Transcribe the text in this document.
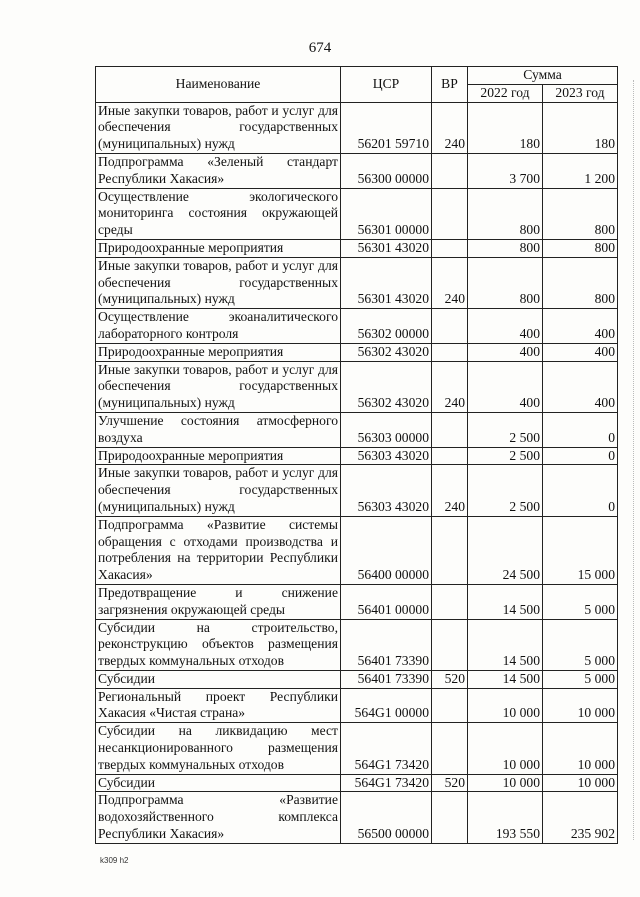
674
Наименование	ЦСР	ВР	Сумма	
			2022 год	2023 год

Иные закупки товаров, работ и услуг для обеспечения государственных (муниципальных) нужд	56201 59710	240	180	180

Подпрограмма «Зеленый стандарт Республики Хакасия»	56300 00000		3 700	1 200

Осуществление экологического мониторинга состояния окружающей среды	56301 00000		800	800

Природоохранные мероприятия	56301 43020		800	800

Иные закупки товаров, работ и услуг для обеспечения государственных (муниципальных) нужд	56301 43020	240	800	800

Осуществление экоаналитического лабораторного контроля	56302 00000		400	400

Природоохранные мероприятия	56302 43020		400	400

Иные закупки товаров, работ и услуг для обеспечения государственных (муниципальных) нужд	56302 43020	240	400	400

Улучшение состояния атмосферного воздуха	56303 00000		2 500	0

Природоохранные мероприятия	56303 43020		2 500	0

Иные закупки товаров, работ и услуг для обеспечения государственных (муниципальных) нужд	56303 43020	240	2 500	0

Подпрограмма «Развитие системы обращения с отходами производства и потребления на территории Республики Хакасия»	56400 00000		24 500	15 000

Предотвращение и снижение загрязнения окружающей среды	56401 00000		14 500	5 000

Субсидии на строительство, реконструкцию объектов размещения твердых коммунальных отходов	56401 73390		14 500	5 000

Субсидии	56401 73390	520	14 500	5 000

Региональный проект Республики Хакасия «Чистая страна»	564G1 00000		10 000	10 000

Субсидии на ликвидацию мест несанкционированного размещения твердых коммунальных отходов	564G1 73420		10 000	10 000

Субсидии	564G1 73420	520	10 000	10 000

Подпрограмма «Развитие водохозяйственного комплекса Республики Хакасия»	56500 00000		193 550	235 902
k309 h2
